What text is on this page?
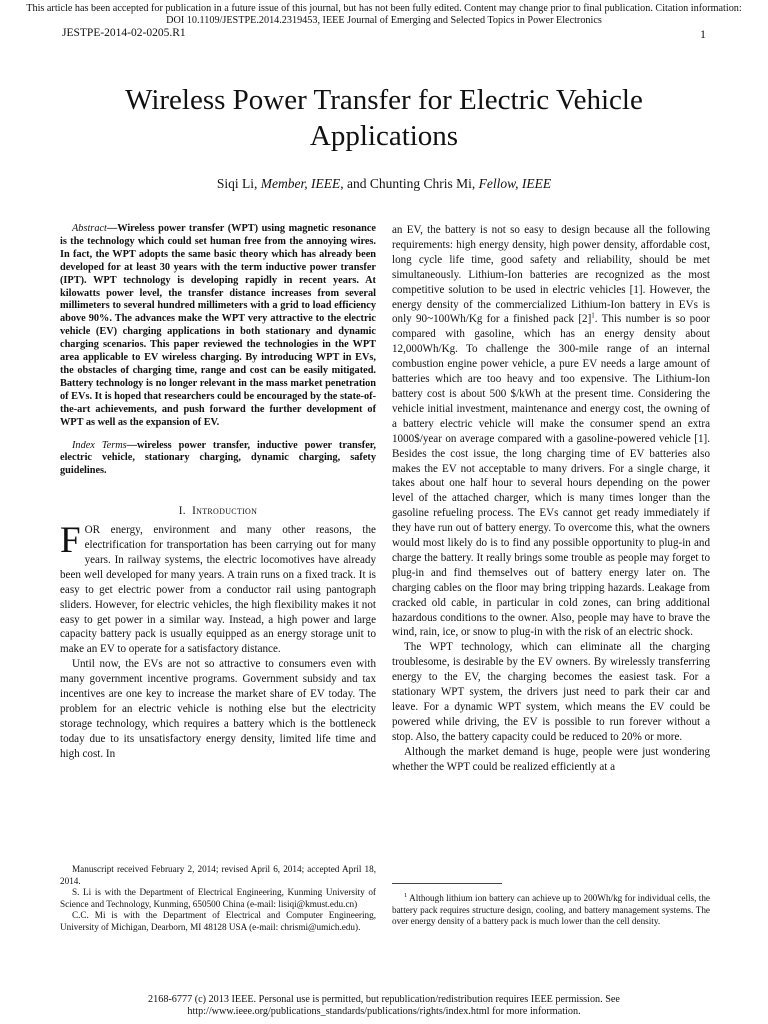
This article has been accepted for publication in a future issue of this journal, but has not been fully edited. Content may change prior to final publication. Citation information: DOI 10.1109/JESTPE.2014.2319453, IEEE Journal of Emerging and Selected Topics in Power Electronics
JESTPE-2014-02-0205.R1	1
Wireless Power Transfer for Electric Vehicle Applications
Siqi Li, Member, IEEE, and Chunting Chris Mi, Fellow, IEEE

Abstract—Wireless power transfer (WPT) using magnetic resonance is the technology which could set human free from the annoying wires. In fact, the WPT adopts the same basic theory which has already been developed for at least 30 years with the term inductive power transfer (IPT). WPT technology is developing rapidly in recent years. At kilowatts power level, the transfer distance increases from several millimeters to several hundred millimeters with a grid to load efficiency above 90%. The advances make the WPT very attractive to the electric vehicle (EV) charging applications in both stationary and dynamic charging scenarios. This paper reviewed the technologies in the WPT area applicable to EV wireless charging. By introducing WPT in EVs, the obstacles of charging time, range and cost can be easily mitigated. Battery technology is no longer relevant in the mass market penetration of EVs. It is hoped that researchers could be encouraged by the state-of-the-art achievements, and push forward the further development of WPT as well as the expansion of EV.

Index Terms—wireless power transfer, inductive power transfer, electric vehicle, stationary charging, dynamic charging, safety guidelines.

I. Introduction

FOR energy, environment and many other reasons, the electrification for transportation has been carrying out for many years. In railway systems, the electric locomotives have already been well developed for many years. A train runs on a fixed track. It is easy to get electric power from a conductor rail using pantograph sliders. However, for electric vehicles, the high flexibility makes it not easy to get power in a similar way. Instead, a high power and large capacity battery pack is usually equipped as an energy storage unit to make an EV to operate for a satisfactory distance.

Until now, the EVs are not so attractive to consumers even with many government incentive programs. Government subsidy and tax incentives are one key to increase the market share of EV today. The problem for an electric vehicle is nothing else but the electricity storage technology, which requires a battery which is the bottleneck today due to its unsatisfactory energy density, limited life time and high cost. In

an EV, the battery is not so easy to design because all the following requirements: high energy density, high power density, affordable cost, long cycle life time, good safety and reliability, should be met simultaneously. Lithium-Ion batteries are recognized as the most competitive solution to be used in electric vehicles [1]. However, the energy density of the commercialized Lithium-Ion battery in EVs is only 90~100Wh/Kg for a finished pack $[2]^1$. This number is so poor compared with gasoline, which has an energy density about 12,000Wh/Kg. To challenge the 300-mile range of an internal combustion engine power vehicle, a pure EV needs a large amount of batteries which are too heavy and too expensive. The Lithium-Ion battery cost is about 500 $/kWh at the present time. Considering the vehicle initial investment, maintenance and energy cost, the owning of a battery electric vehicle will make the consumer spend an extra 1000$/year on average compared with a gasoline-powered vehicle [1]. Besides the cost issue, the long charging time of EV batteries also makes the EV not acceptable to many drivers. For a single charge, it takes about one half hour to several hours depending on the power level of the attached charger, which is many times longer than the gasoline refueling process. The EVs cannot get ready immediately if they have run out of battery energy. To overcome this, what the owners would most likely do is to find any possible opportunity to plug-in and charge the battery. It really brings some trouble as people may forget to plug-in and find themselves out of battery energy later on. The charging cables on the floor may bring tripping hazards. Leakage from cracked old cable, in particular in cold zones, can bring additional hazardous conditions to the owner. Also, people may have to brave the wind, rain, ice, or snow to plug-in with the risk of an electric shock.

The WPT technology, which can eliminate all the charging troublesome, is desirable by the EV owners. By wirelessly transferring energy to the EV, the charging becomes the easiest task. For a stationary WPT system, the drivers just need to park their car and leave. For a dynamic WPT system, which means the EV could be powered while driving, the EV is possible to run forever without a stop. Also, the battery capacity could be reduced to 20% or more.

Although the market demand is huge, people were just wondering whether the WPT could be realized efficiently at a

Manuscript received February 2, 2014; revised April 6, 2014; accepted April 18, 2014.

S. Li is with the Department of Electrical Engineering, Kunming University of Science and Technology, Kunming, 650500 China (e-mail: lisiqi@kmust.edu.cn)

C.C. Mi is with the Department of Electrical and Computer Engineering, University of Michigan, Dearborn, MI 48128 USA (e-mail: chrismi@umich.edu).

$^1$ Although lithium ion battery can achieve up to 200Wh/kg for individual cells, the battery pack requires structure design, cooling, and battery management systems. The over energy density of a battery pack is much lower than the cell density.
2168-6777 (c) 2013 IEEE. Personal use is permitted, but republication/redistribution requires IEEE permission. See http://www.ieee.org/publications_standards/publications/rights/index.html for more information.
